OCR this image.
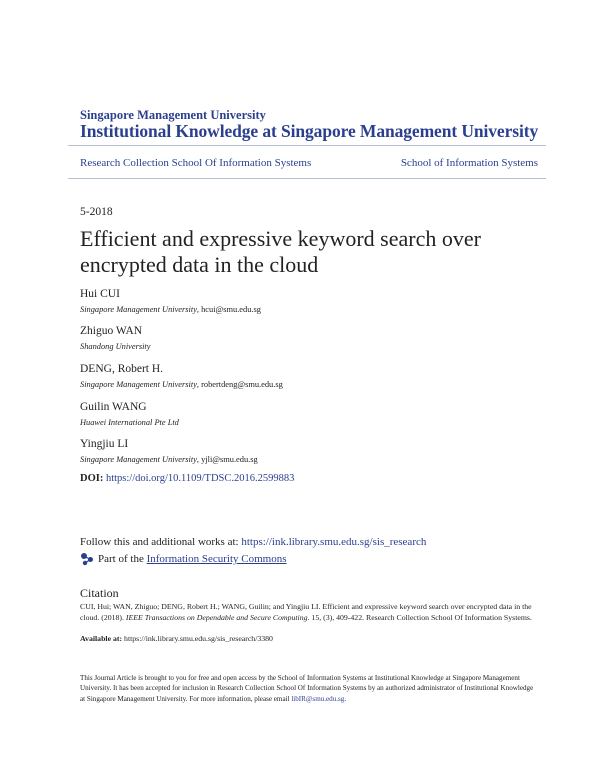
Singapore Management University
Institutional Knowledge at Singapore Management University
Research Collection School Of Information Systems	School of Information Systems
5-2018
Efficient and expressive keyword search over encrypted data in the cloud
Hui CUI
Singapore Management University, hcui@smu.edu.sg
Zhiguo WAN
Shandong University
DENG, Robert H.
Singapore Management University, robertdeng@smu.edu.sg
Guilin WANG
Huawei International Pte Ltd
Yingjiu LI
Singapore Management University, yjli@smu.edu.sg
DOI: https://doi.org/10.1109/TDSC.2016.2599883
Follow this and additional works at: https://ink.library.smu.edu.sg/sis_research
Part of the
Information Security Commons
Citation
CUI, Hui; WAN, Zhiguo; DENG, Robert H.; WANG, Guilin; and Yingjiu LI. Efficient and expressive keyword search over encrypted data in the cloud. (2018). IEEE Transactions on Dependable and Secure Computing. 15, (3), 409-422. Research Collection School Of Information Systems.
Available at: https://ink.library.smu.edu.sg/sis_research/3380
This Journal Article is brought to you for free and open access by the School of Information Systems at Institutional Knowledge at Singapore Management University. It has been accepted for inclusion in Research Collection School Of Information Systems by an authorized administrator of Institutional Knowledge at Singapore Management University. For more information, please email libIR@smu.edu.sg.
